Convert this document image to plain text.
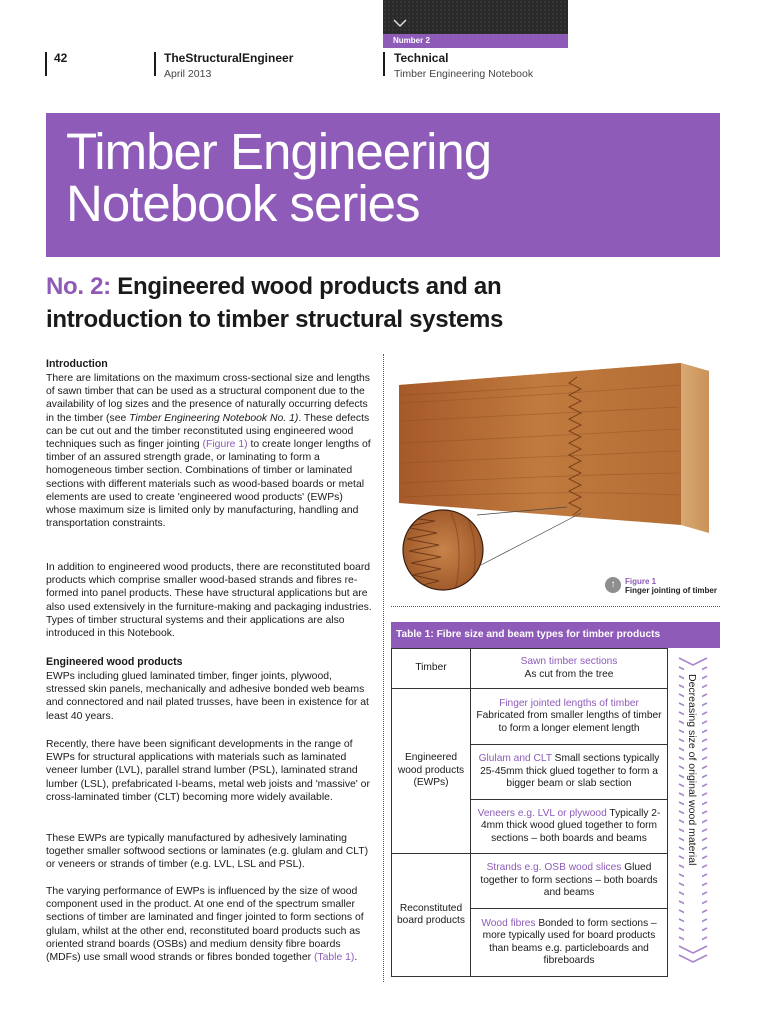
Number 2
42	TheStructuralEngineer
April 2013
Technical
Timber Engineering Notebook
Timber Engineering
Notebook series
No. 2: Engineered wood products and an
introduction to timber structural systems
Introduction
There are limitations on the maximum cross-sectional size and lengths of sawn timber that can be used as a structural component due to the availability of log sizes and the presence of naturally occurring defects in the timber (see Timber Engineering Notebook No. 1). These defects can be cut out and the timber reconstituted using engineered wood techniques such as finger jointing (Figure 1) to create longer lengths of timber of an assured strength grade, or laminating to form a homogeneous timber section. Combinations of timber or laminated sections with different materials such as wood-based boards or metal elements are used to create 'engineered wood products' (EWPs) whose maximum size is limited only by manufacturing, handling and transportation constraints.
In addition to engineered wood products, there are reconstituted board products which comprise smaller wood-based strands and fibres re-formed into panel products. These have structural applications but are also used extensively in the furniture-making and packaging industries. Types of timber structural systems and their applications are also introduced in this Notebook.
Engineered wood products
EWPs including glued laminated timber, finger joints, plywood, stressed skin panels, mechanically and adhesive bonded web beams and connectored and nail plated trusses, have been in existence for at least 40 years.
Recently, there have been significant developments in the range of EWPs for structural applications with materials such as laminated veneer lumber (LVL), parallel strand lumber (PSL), laminated strand lumber (LSL), prefabricated I-beams, metal web joists and 'massive' or cross-laminated timber (CLT) becoming more widely available.
These EWPs are typically manufactured by adhesively laminating together smaller softwood sections or laminates (e.g. glulam and CLT) or veneers or strands of timber (e.g. LVL, LSL and PSL).
The varying performance of EWPs is influenced by the size of wood component used in the product. At one end of the spectrum smaller sections of timber are laminated and finger jointed to form sections of glulam, whilst at the other end, reconstituted board products such as oriented strand boards (OSBs) and medium density fibre boards (MDFs) use small wood strands or fibres bonded together (Table 1).
↑	Figure 1
Finger jointing of timber
Table 1: Fibre size and beam types for timber products
Timber
Sawn timber sections
As cut from the tree
Engineered wood products (EWPs)
Finger jointed lengths of timber
Fabricated from smaller lengths of timber to form a longer element length
Glulam and CLT Small sections typically 25-45mm thick glued together to form a bigger beam or slab section
Veneers e.g. LVL or plywood Typically 2-4mm thick wood glued together to form sections – both boards and beams
Reconstituted board products
Strands e.g. OSB wood slices Glued together to form sections – both boards and beams
Wood fibres Bonded to form sections – more typically used for board products than beams e.g. particleboards and fibreboards
Decreasing size of original wood material
